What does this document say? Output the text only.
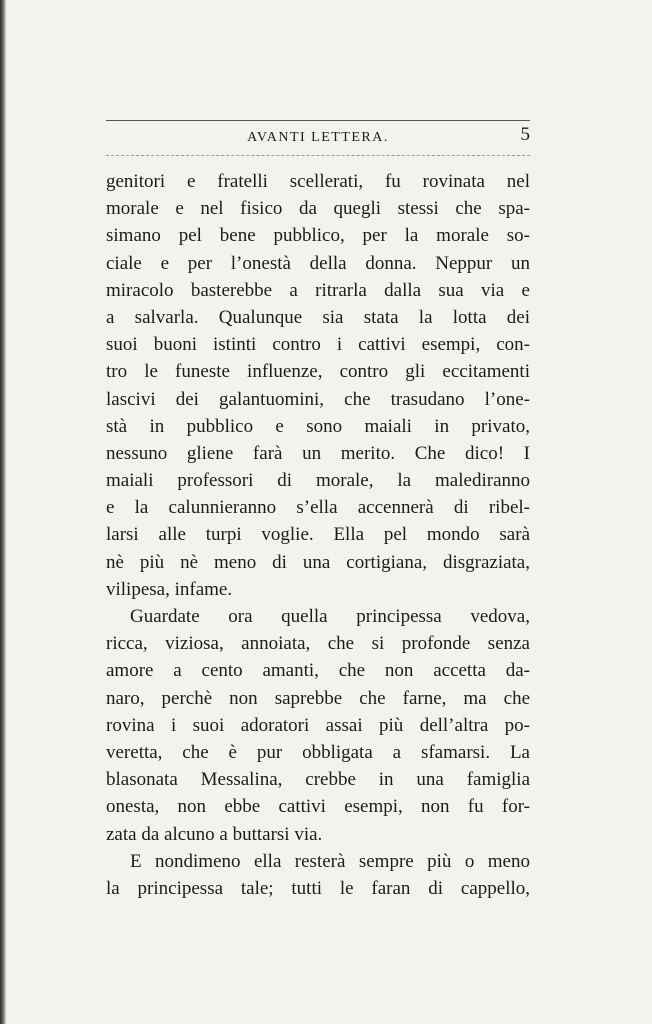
AVANTI LETTERA.	5
genitori e fratelli scellerati, fu rovinata nel
morale e nel fisico da quegli stessi che spa-
simano pel bene pubblico, per la morale so-
ciale e per l’onestà della donna. Neppur un
miracolo basterebbe a ritrarla dalla sua via e
a salvarla. Qualunque sia stata la lotta dei
suoi buoni istinti contro i cattivi esempi, con-
tro le funeste influenze, contro gli eccitamenti
lascivi dei galantuomini, che trasudano l’one-
stà in pubblico e sono maiali in privato,
nessuno gliene farà un merito. Che dico! I
maiali professori di morale, la malediranno
e la calunnieranno s’ella accennerà di ribel-
larsi alle turpi voglie. Ella pel mondo sarà
nè più nè meno di una cortigiana, disgraziata,
vilipesa, infame.
Guardate ora quella principessa vedova,
ricca, viziosa, annoiata, che si profonde senza
amore a cento amanti, che non accetta da-
naro, perchè non saprebbe che farne, ma che
rovina i suoi adoratori assai più dell’altra po-
veretta, che è pur obbligata a sfamarsi. La
blasonata Messalina, crebbe in una famiglia
onesta, non ebbe cattivi esempi, non fu for-
zata da alcuno a buttarsi via.
E nondimeno ella resterà sempre più o meno
la principessa tale; tutti le faran di cappello,
